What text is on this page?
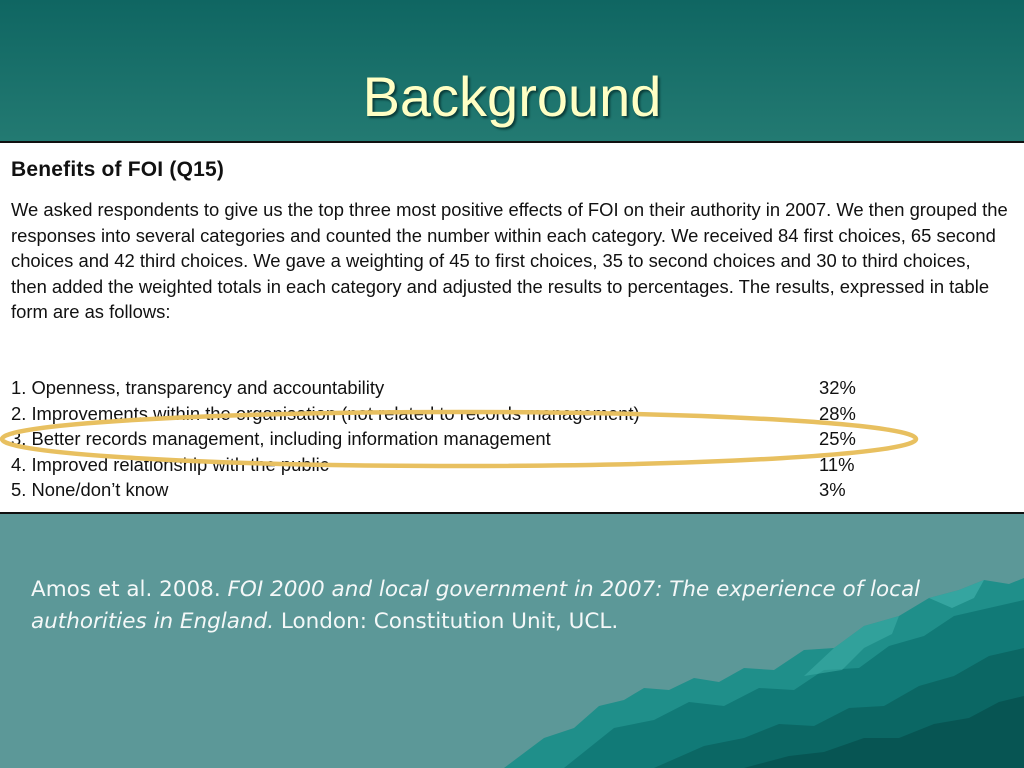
Background
Benefits of FOI (Q15)

We asked respondents to give us the top three most positive effects of FOI on their authority in 2007. We then grouped the responses into several categories and counted the number within each category. We received 84 first choices, 65 second choices and 42 third choices. We gave a weighting of 45 to first choices, 35 to second choices and 30 to third choices, then added the weighted totals in each category and adjusted the results to percentages. The results, expressed in table form are as follows:

1. Openness, transparency and accountability	32%
2. Improvements within the organisation (not related to records management)	28%
3. Better records management, including information management	25%
4. Improved relationship with the public	11%
5. None/don’t know	3%

Amos et al. 2008. FOI 2000 and local government in 2007: The experience of local authorities in England. London: Constitution Unit, UCL.
